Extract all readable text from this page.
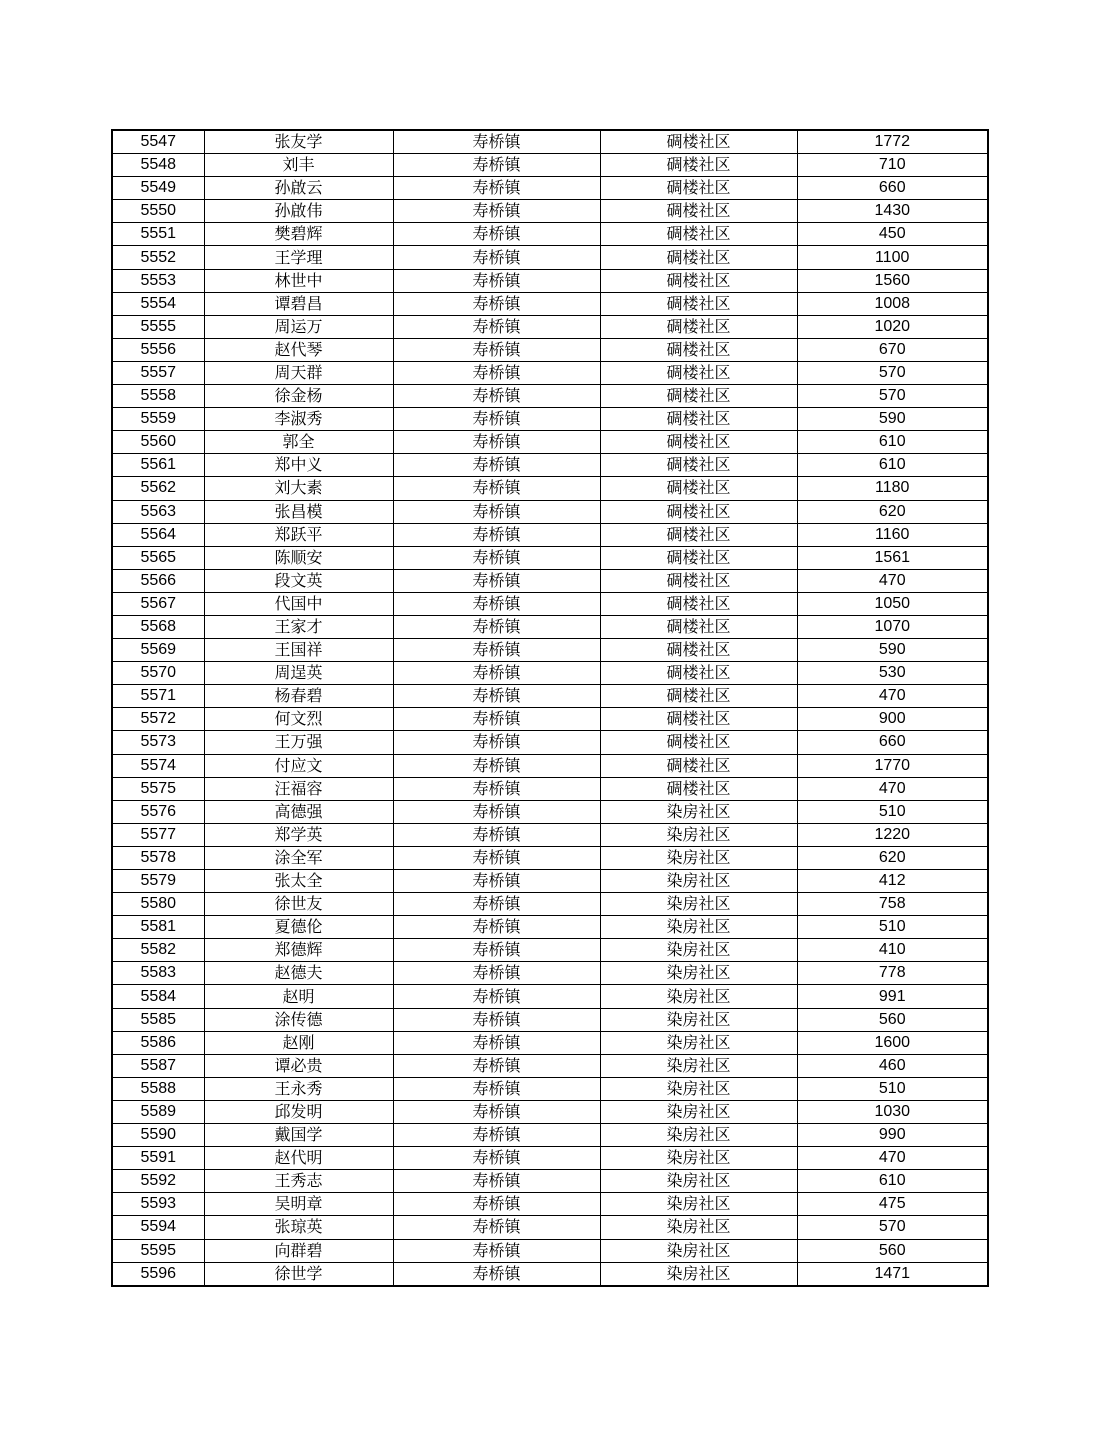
5547	张友学	寿桥镇	碉楼社区	1772
5548	刘丰	寿桥镇	碉楼社区	710
5549	孙啟云	寿桥镇	碉楼社区	660
5550	孙啟伟	寿桥镇	碉楼社区	1430
5551	樊碧辉	寿桥镇	碉楼社区	450
5552	王学理	寿桥镇	碉楼社区	1100
5553	林世中	寿桥镇	碉楼社区	1560
5554	谭碧昌	寿桥镇	碉楼社区	1008
5555	周运万	寿桥镇	碉楼社区	1020
5556	赵代琴	寿桥镇	碉楼社区	670
5557	周天群	寿桥镇	碉楼社区	570
5558	徐金杨	寿桥镇	碉楼社区	570
5559	李淑秀	寿桥镇	碉楼社区	590
5560	郭全	寿桥镇	碉楼社区	610
5561	郑中义	寿桥镇	碉楼社区	610
5562	刘大素	寿桥镇	碉楼社区	1180
5563	张昌模	寿桥镇	碉楼社区	620
5564	郑跃平	寿桥镇	碉楼社区	1160
5565	陈顺安	寿桥镇	碉楼社区	1561
5566	段文英	寿桥镇	碉楼社区	470
5567	代国中	寿桥镇	碉楼社区	1050
5568	王家才	寿桥镇	碉楼社区	1070
5569	王国祥	寿桥镇	碉楼社区	590
5570	周逞英	寿桥镇	碉楼社区	530
5571	杨春碧	寿桥镇	碉楼社区	470
5572	何文烈	寿桥镇	碉楼社区	900
5573	王万强	寿桥镇	碉楼社区	660
5574	付应文	寿桥镇	碉楼社区	1770
5575	汪福容	寿桥镇	碉楼社区	470
5576	高德强	寿桥镇	染房社区	510
5577	郑学英	寿桥镇	染房社区	1220
5578	涂全军	寿桥镇	染房社区	620
5579	张太全	寿桥镇	染房社区	412
5580	徐世友	寿桥镇	染房社区	758
5581	夏德伦	寿桥镇	染房社区	510
5582	郑德辉	寿桥镇	染房社区	410
5583	赵德夫	寿桥镇	染房社区	778
5584	赵明	寿桥镇	染房社区	991
5585	涂传德	寿桥镇	染房社区	560
5586	赵刚	寿桥镇	染房社区	1600
5587	谭必贵	寿桥镇	染房社区	460
5588	王永秀	寿桥镇	染房社区	510
5589	邱发明	寿桥镇	染房社区	1030
5590	戴国学	寿桥镇	染房社区	990
5591	赵代明	寿桥镇	染房社区	470
5592	王秀志	寿桥镇	染房社区	610
5593	吴明章	寿桥镇	染房社区	475
5594	张琼英	寿桥镇	染房社区	570
5595	向群碧	寿桥镇	染房社区	560
5596	徐世学	寿桥镇	染房社区	1471
